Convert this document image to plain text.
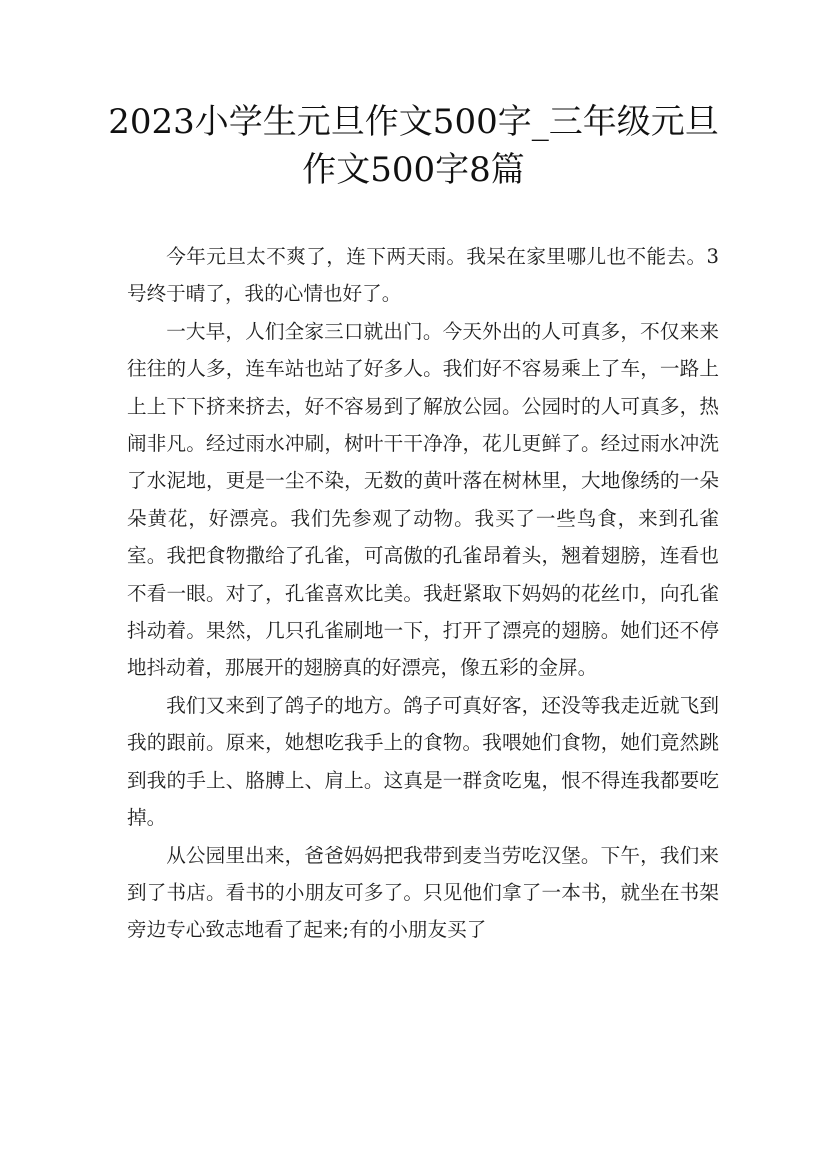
2023小学生元旦作文500字_三年级元旦作文500字8篇

今年元旦太不爽了，连下两天雨。我呆在家里哪儿也不能去。3号终于晴了，我的心情也好了。

一大早，人们全家三口就出门。今天外出的人可真多，不仅来来往往的人多，连车站也站了好多人。我们好不容易乘上了车，一路上上上下下挤来挤去，好不容易到了解放公园。公园时的人可真多，热闹非凡。经过雨水冲刷，树叶干干净净，花儿更鲜了。经过雨水冲洗了水泥地，更是一尘不染，无数的黄叶落在树林里，大地像绣的一朵朵黄花，好漂亮。我们先参观了动物。我买了一些鸟食，来到孔雀室。我把食物撒给了孔雀，可高傲的孔雀昂着头，翘着翅膀，连看也不看一眼。对了，孔雀喜欢比美。我赶紧取下妈妈的花丝巾，向孔雀抖动着。果然，几只孔雀刷地一下，打开了漂亮的翅膀。她们还不停地抖动着，那展开的翅膀真的好漂亮，像五彩的金屏。

我们又来到了鸽子的地方。鸽子可真好客，还没等我走近就飞到我的跟前。原来，她想吃我手上的食物。我喂她们食物，她们竟然跳到我的手上、胳膊上、肩上。这真是一群贪吃鬼，恨不得连我都要吃掉。

从公园里出来，爸爸妈妈把我带到麦当劳吃汉堡。下午，我们来到了书店。看书的小朋友可多了。只见他们拿了一本书，就坐在书架旁边专心致志地看了起来;有的小朋友买了
